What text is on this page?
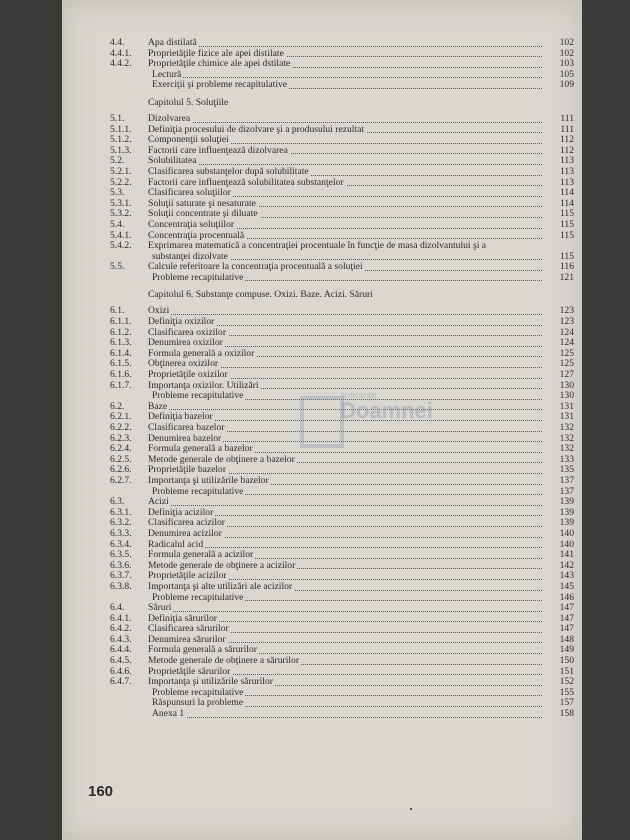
4.4. Apa distilată	102
4.4.1. Proprietăţile fizice ale apei distilate	102
4.4.2. Proprietăţile chimice ale apei dstilate	103
Lectură	105
Exerciţii şi probleme recapitulative	109
Capitolul 5. Soluţiile
5.1. Dizolvarea	111
5.1.1. Definiţia procesului de dizolvare şi a produsului rezultat	111
5.1.2. Componenţii soluţiei	112
5.1.3. Factorii care influenţează dizolvarea	112
5.2. Solubilitatea	113
5.2.1. Clasificarea substanţelor după solubilitate	113
5.2.2. Factorii care influenţează solubilitatea substanţelor	113
5.3. Clasificarea soluţiilor	114
5.3.1. Soluţii saturate şi nesaturate	114
5.3.2. Soluţii concentrate şi diluate	115
5.4. Concentraţia soluţiilor	115
5.4.1. Concentraţia procentuală	115
5.4.2. Exprimarea matematică a concentraţiei procentuale în funcţie de masa dizolvantului şi a
substanţei dizolvate	115
5.5. Calcule referitoare la concentraţia procentuală a soluţiei	116
Probleme recapitulative	121
Capitolul 6. Substanţe compuse. Oxizi. Baze. Acizi. Săruri
6.1. Oxizi	123
6.1.1. Definiţia oxizilor	123
6.1.2. Clasificarea oxizilor	124
6.1.3. Denumirea oxizilor	124
6.1.4. Formula generală a oxizilor	125
6.1.5. Obţinerea oxizilor	125
6.1.6. Proprietăţile oxizilor	127
6.1.7. Importanţa oxizilor. Utilizări	130
Probleme recapitulative	130
6.2. Baze	131
6.2.1. Definiţia bazelor	131
6.2.2. Clasificarea bazelor	132
6.2.3. Denumirea bazelor	132
6.2.4. Formula generală a bazelor	132
6.2.5. Metode generale de obţinere a bazelor	133
6.2.6. Proprietăţile bazelor	135
6.2.7. Importanţa şi utilizările bazelor	137
Probleme recapitulative	137
6.3. Acizi	139
6.3.1. Definiţia acizilor	139
6.3.2. Clasificarea acizilor	139
6.3.3. Denumirea acizilor	140
6.3.4. Radicalul acid	140
6.3.5. Formula generală a acizilor	141
6.3.6. Metode generale de obţinere a acizilor	142
6.3.7. Proprietăţile acizilor	143
6.3.8. Importanţa şi alte utilizări ale acizilor	145
Probleme recapitulative	146
6.4. Săruri	147
6.4.1. Definiţia sărurilor	147
6.4.2. Clasificarea sărurilor	147
6.4.3. Denumirea sărurilor	148
6.4.4. Formula generală a sărurilor	149
6.4.5. Metode generale de obţinere a sărurilor	150
6.4.6. Proprietăţile sărurilor	151
6.4.7. Importanţa şi utilizările sărurilor	152
Probleme recapitulative	155
Răspunsuri la probleme	157
Anexa 1	158
anticariat
Doamnei
160
